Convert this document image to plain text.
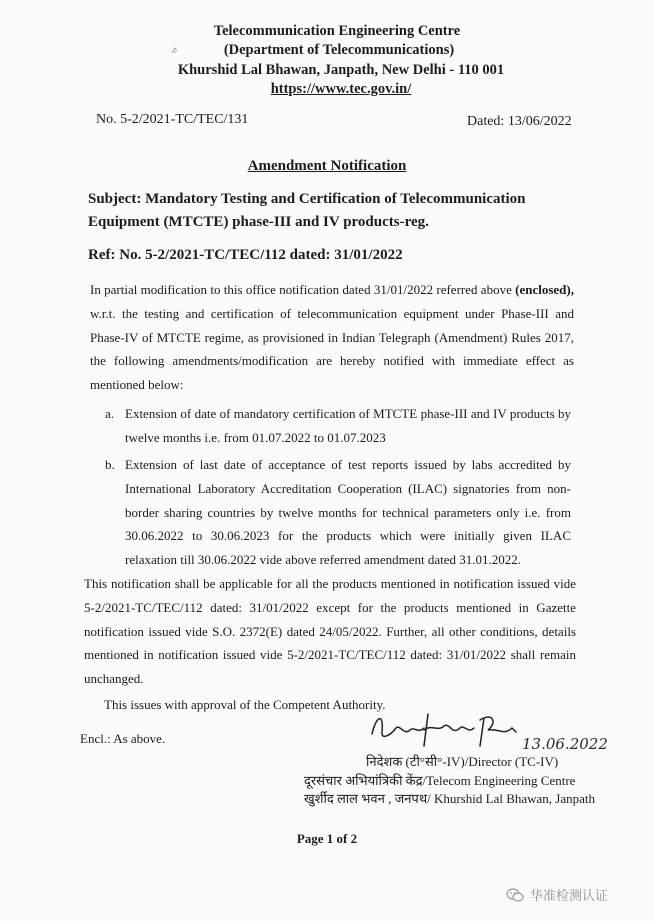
Telecommunication Engineering Centre
(Department of Telecommunications)
Khurshid Lal Bhawan, Janpath, New Delhi - 110 001
https://www.tec.gov.in/
No. 5-2/2021-TC/TEC/131	Dated: 13/06/2022
Amendment Notification
Subject: Mandatory Testing and Certification of Telecommunication Equipment (MTCTE) phase-III and IV products-reg.
Ref: No. 5-2/2021-TC/TEC/112 dated: 31/01/2022
In partial modification to this office notification dated 31/01/2022 referred above (enclosed), w.r.t. the testing and certification of telecommunication equipment under Phase-III and Phase-IV of MTCTE regime, as provisioned in Indian Telegraph (Amendment) Rules 2017, the following amendments/modification are hereby notified with immediate effect as mentioned below:
a. Extension of date of mandatory certification of MTCTE phase-III and IV products by twelve months i.e. from 01.07.2022 to 01.07.2023
b. Extension of last date of acceptance of test reports issued by labs accredited by International Laboratory Accreditation Cooperation (ILAC) signatories from non-border sharing countries by twelve months for technical parameters only i.e. from 30.06.2022 to 30.06.2023 for the products which were initially given ILAC relaxation till 30.06.2022 vide above referred amendment dated 31.01.2022.
This notification shall be applicable for all the products mentioned in notification issued vide 5-2/2021-TC/TEC/112 dated: 31/01/2022 except for the products mentioned in Gazette notification issued vide S.O. 2372(E) dated 24/05/2022. Further, all other conditions, details mentioned in notification issued vide 5-2/2021-TC/TEC/112 dated: 31/01/2022 shall remain unchanged.
This issues with approval of the Competent Authority.
Encl.: As above.	13.06.2022
निदेशक (टी°सी°-IV)/Director (TC-IV)
दूरसंचार अभियांत्रिकी केंद्र/Telecom Engineering Centre
खुर्शीद लाल भवन , जनपथ/ Khurshid Lal Bhawan, Janpath
Page 1 of 2
华准检测认证
